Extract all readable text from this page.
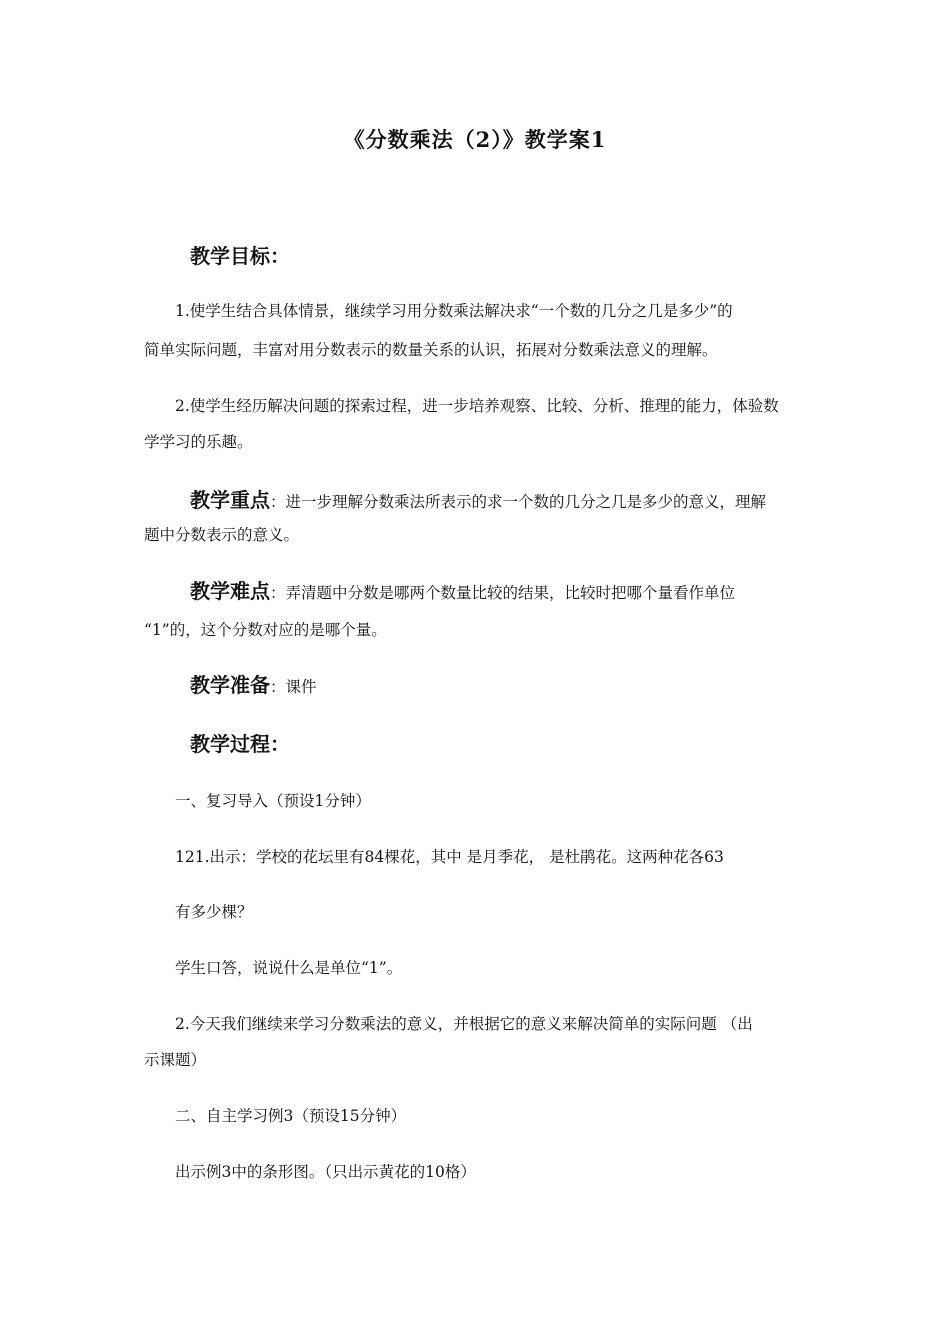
《分数乘法（2）》教学案1
教学目标：
1.使学生结合具体情景，继续学习用分数乘法解决求“一个数的几分之几是多少”的
简单实际问题，丰富对用分数表示的数量关系的认识，拓展对分数乘法意义的理解。
2.使学生经历解决问题的探索过程，进一步培养观察、比较、分析、推理的能力，体验数
学学习的乐趣。
教学重点：进一步理解分数乘法所表示的求一个数的几分之几是多少的意义，理解
题中分数表示的意义。
教学难点：弄清题中分数是哪两个数量比较的结果，比较时把哪个量看作单位
“1”的，这个分数对应的是哪个量。
教学准备：课件
教学过程：
一、复习导入（预设1分钟）
121.出示：学校的花坛里有84棵花，其中 是月季花， 是杜鹃花。这两种花各63
有多少棵？
学生口答，说说什么是单位“1”。
2.今天我们继续来学习分数乘法的意义，并根据它的意义来解决简单的实际问题 （出
示课题）
二、自主学习例3（预设15分钟）
出示例3中的条形图。（只出示黄花的10格）
